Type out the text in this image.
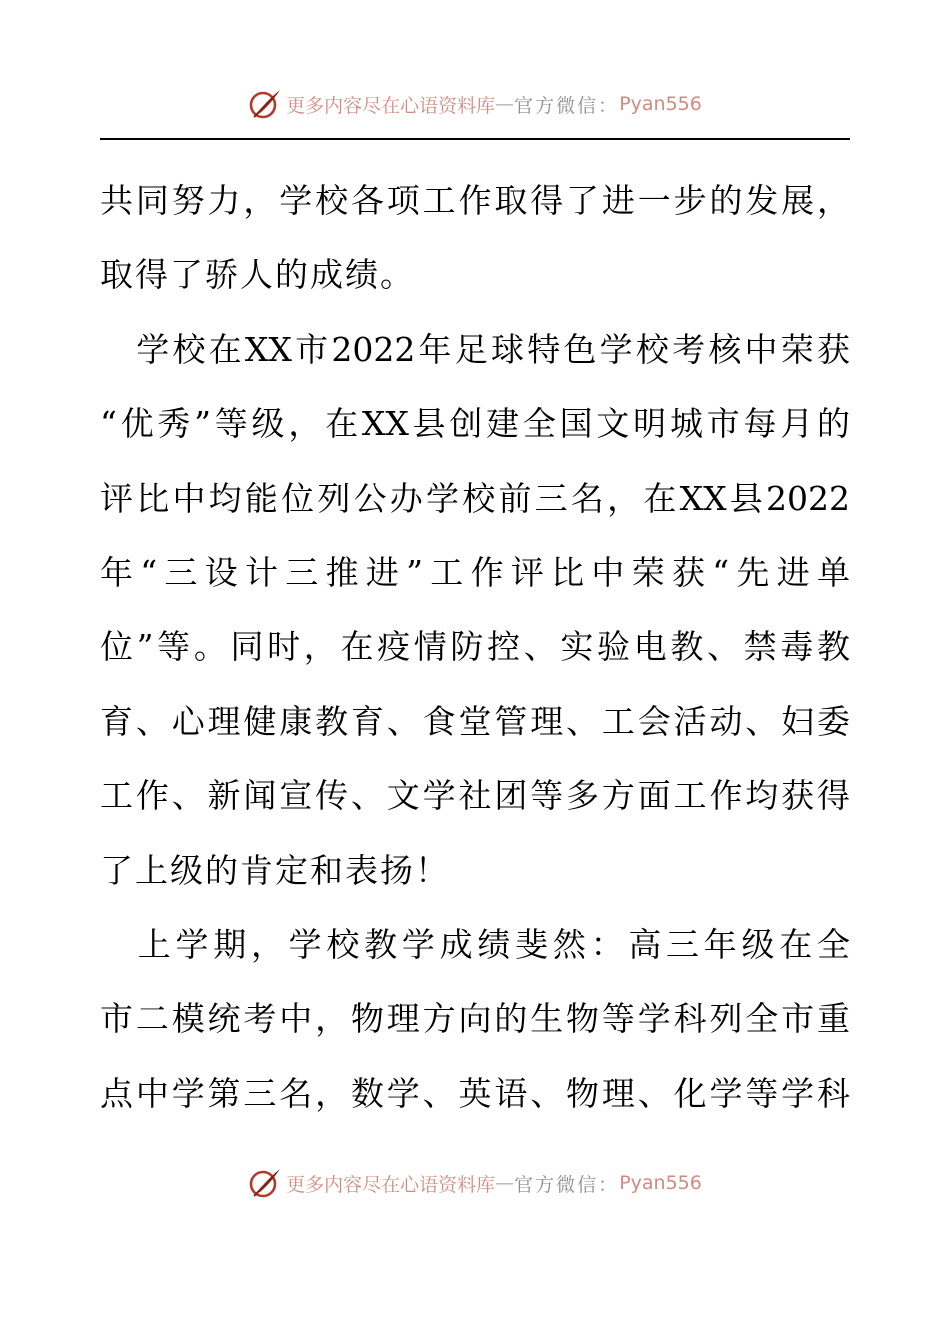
更多内容尽在心语资料库 — 官方微信： Pyan556
共同努力，学校各项工作取得了进一步的发展，
取得了骄人的成绩。
　学校在XX市2022年足球特色学校考核中荣获
“优秀”等级，在XX县创建全国文明城市每月的
评比中均能位列公办学校前三名，在XX县2022
年“三设计三推进”工作评比中荣获“先进单
位”等。同时，在疫情防控、实验电教、禁毒教
育、心理健康教育、食堂管理、工会活动、妇委
工作、新闻宣传、文学社团等多方面工作均获得
了上级的肯定和表扬！
　上学期，学校教学成绩斐然：高三年级在全
市二模统考中，物理方向的生物等学科列全市重
点中学第三名，数学、英语、物理、化学等学科
更多内容尽在心语资料库 — 官方微信： Pyan556
